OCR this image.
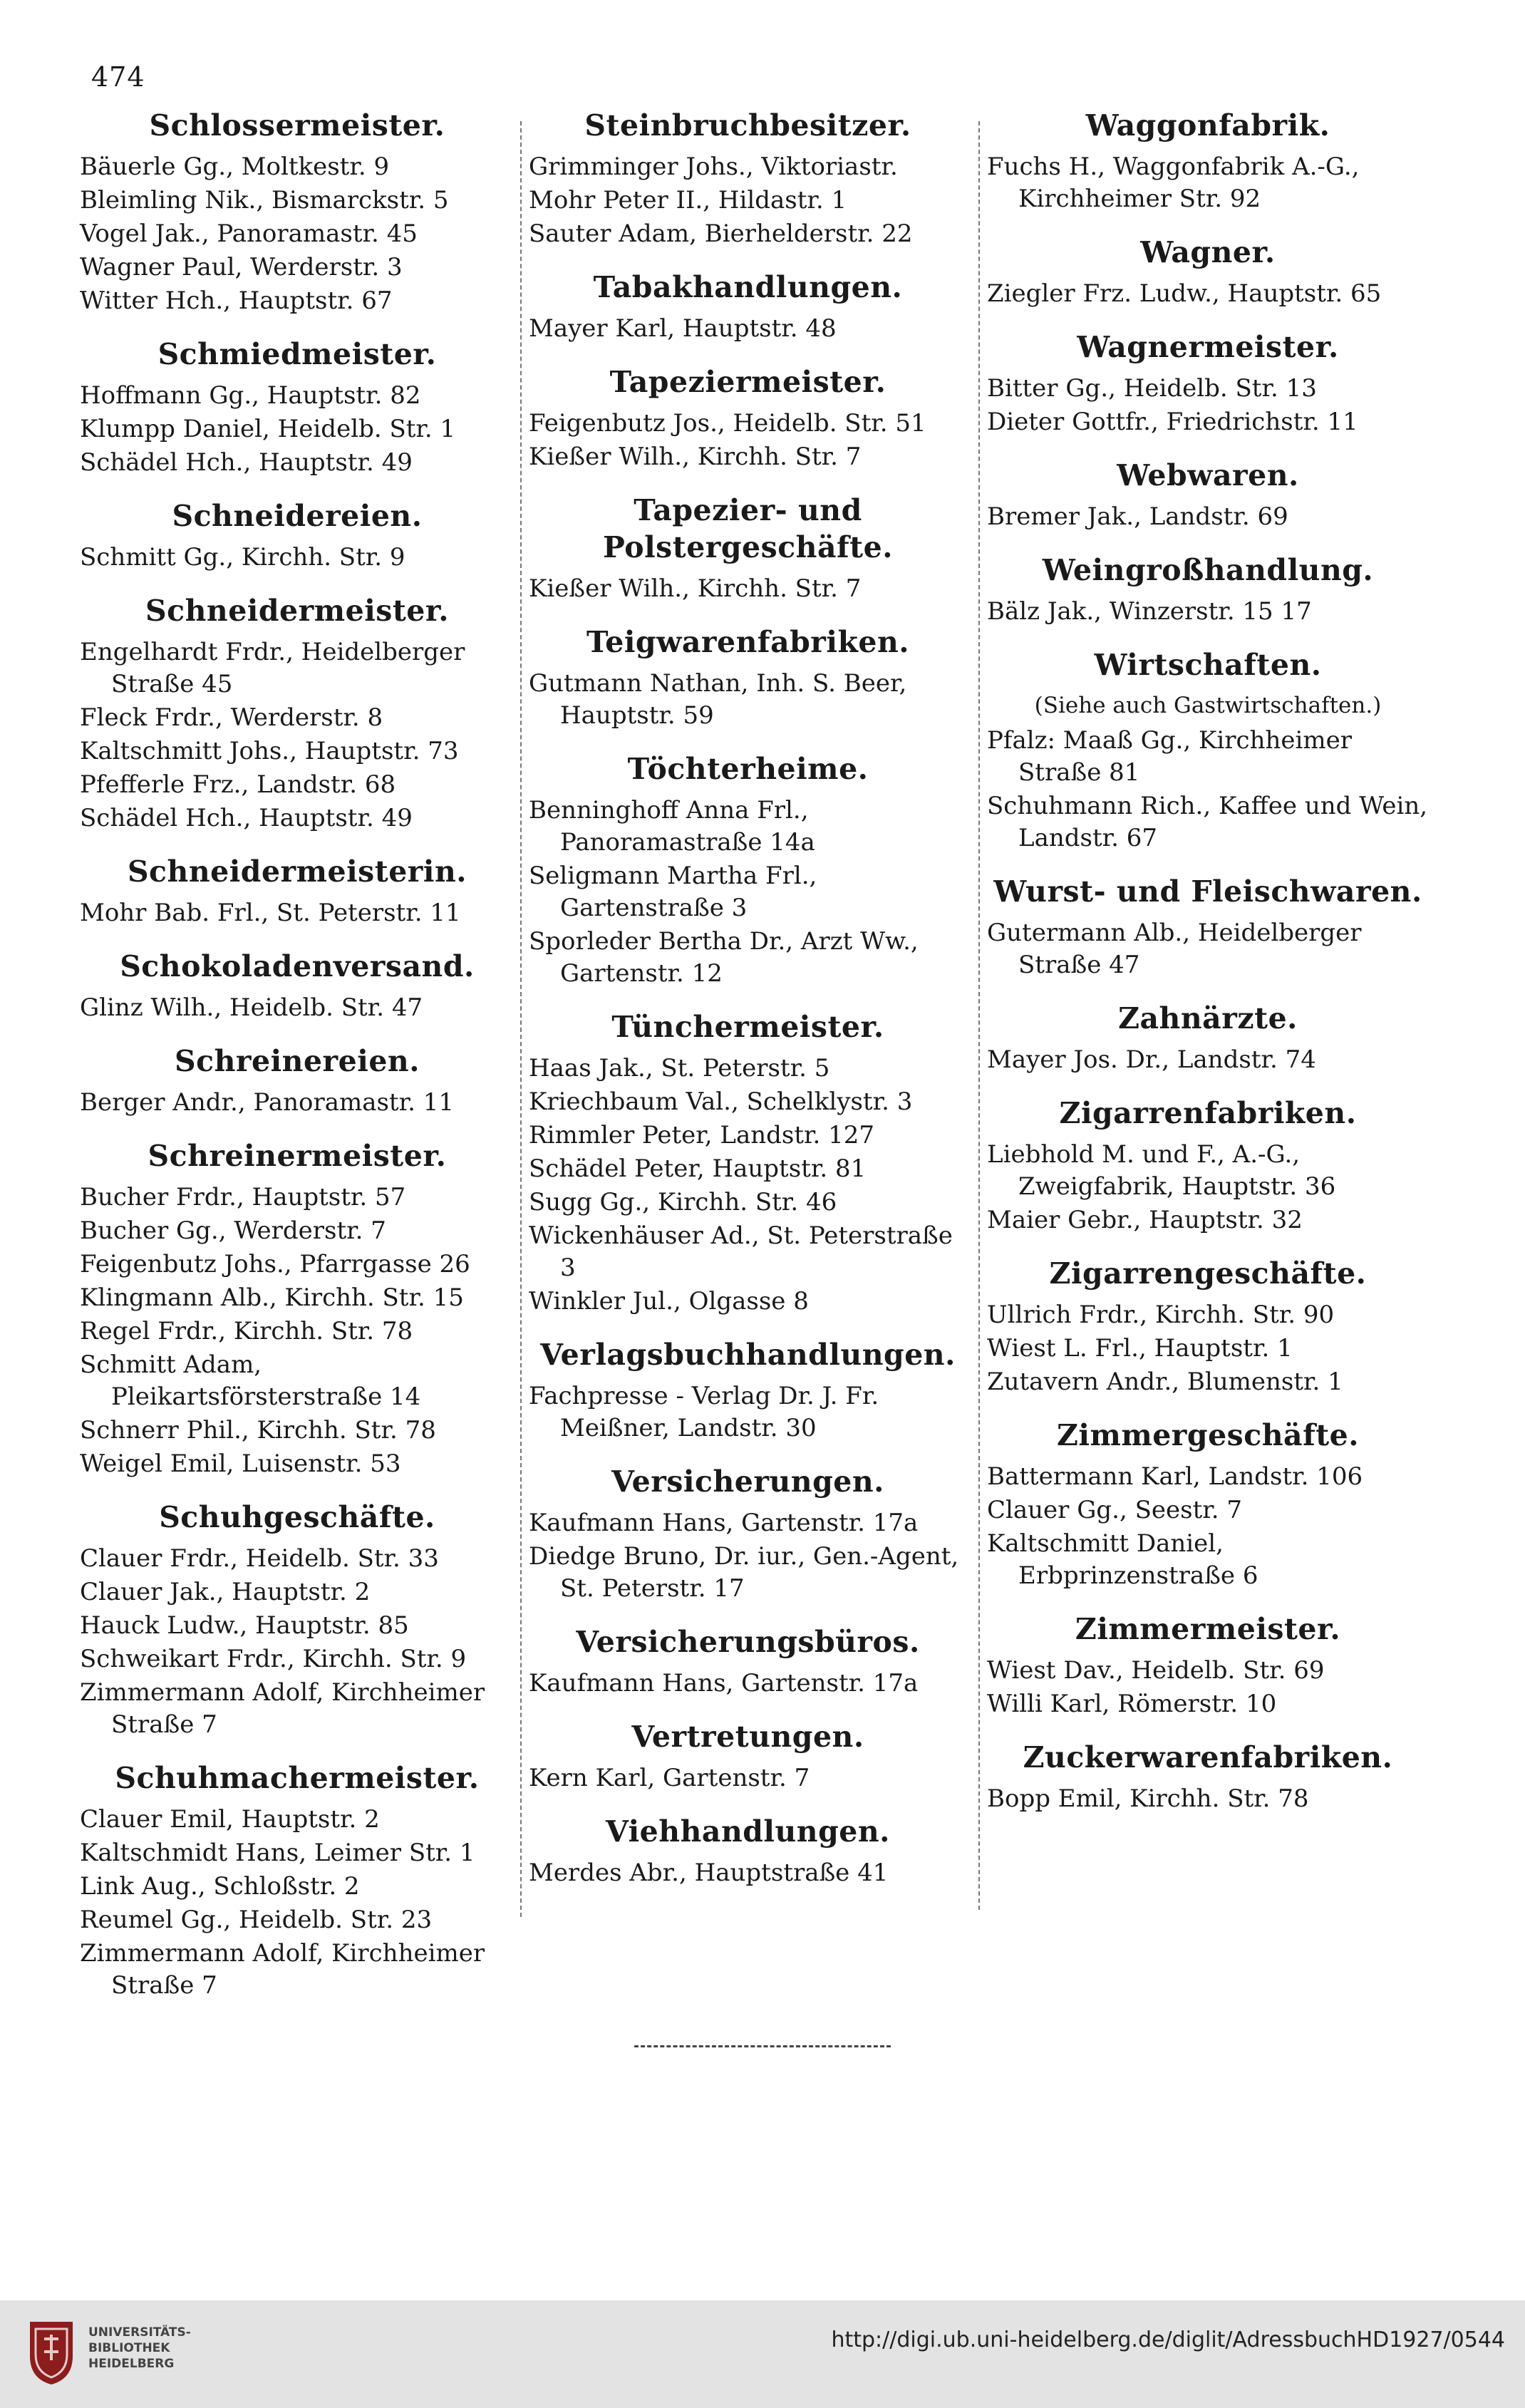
474
Schlossermeister.
Bäuerle Gg., Moltkestr. 9
Bleimling Nik., Bismarckstr. 5
Vogel Jak., Panoramastr. 45
Wagner Paul, Werderstr. 3
Witter Hch., Hauptstr. 67
Schmiedmeister.
Hoffmann Gg., Hauptstr. 82
Klumpp Daniel, Heidelb. Str. 1
Schädel Hch., Hauptstr. 49
Schneidereien.
Schmitt Gg., Kirchh. Str. 9
Schneidermeister.
Engelhardt Frdr., Heidelberger Straße 45
Fleck Frdr., Werderstr. 8
Kaltschmitt Johs., Hauptstr. 73
Pfefferle Frz., Landstr. 68
Schädel Hch., Hauptstr. 49
Schneidermeisterin.
Mohr Bab. Frl., St. Peterstr. 11
Schokoladenversand.
Glinz Wilh., Heidelb. Str. 47
Schreinereien.
Berger Andr., Panoramastr. 11
Schreinermeister.
Bucher Frdr., Hauptstr. 57
Bucher Gg., Werderstr. 7
Feigenbutz Johs., Pfarrgasse 26
Klingmann Alb., Kirchh. Str. 15
Regel Frdr., Kirchh. Str. 78
Schmitt Adam, Pleikartsförsterstraße 14
Schnerr Phil., Kirchh. Str. 78
Weigel Emil, Luisenstr. 53
Schuhgeschäfte.
Clauer Frdr., Heidelb. Str. 33
Clauer Jak., Hauptstr. 2
Hauck Ludw., Hauptstr. 85
Schweikart Frdr., Kirchh. Str. 9
Zimmermann Adolf, Kirchheimer Straße 7
Schuhmachermeister.
Clauer Emil, Hauptstr. 2
Kaltschmidt Hans, Leimer Str. 1
Link Aug., Schloßstr. 2
Reumel Gg., Heidelb. Str. 23
Zimmermann Adolf, Kirchheimer Straße 7
Steinbruchbesitzer.
Grimminger Johs., Viktoriastr.
Mohr Peter II., Hildastr. 1
Sauter Adam, Bierhelderstr. 22
Tabakhandlungen.
Mayer Karl, Hauptstr. 48
Tapeziermeister.
Feigenbutz Jos., Heidelb. Str. 51
Kießer Wilh., Kirchh. Str. 7
Tapezier- und Polstergeschäfte.
Kießer Wilh., Kirchh. Str. 7
Teigwarenfabriken.
Gutmann Nathan, Inh. S. Beer, Hauptstr. 59
Töchterheime.
Benninghoff Anna Frl., Panoramastraße 14a
Seligmann Martha Frl., Gartenstraße 3
Sporleder Bertha Dr., Arzt Ww., Gartenstr. 12
Tünchermeister.
Haas Jak., St. Peterstr. 5
Kriechbaum Val., Schelklystr. 3
Rimmler Peter, Landstr. 127
Schädel Peter, Hauptstr. 81
Sugg Gg., Kirchh. Str. 46
Wickenhäuser Ad., St. Peterstraße 3
Winkler Jul., Olgasse 8
Verlagsbuchhandlungen.
Fachpresse - Verlag Dr. J. Fr. Meißner, Landstr. 30
Versicherungen.
Kaufmann Hans, Gartenstr. 17a
Diedge Bruno, Dr. iur., Gen.-Agent, St. Peterstr. 17
Versicherungsbüros.
Kaufmann Hans, Gartenstr. 17a
Vertretungen.
Kern Karl, Gartenstr. 7
Viehhandlungen.
Merdes Abr., Hauptstraße 41
Waggonfabrik.
Fuchs H., Waggonfabrik A.-G., Kirchheimer Str. 92
Wagner.
Ziegler Frz. Ludw., Hauptstr. 65
Wagnermeister.
Bitter Gg., Heidelb. Str. 13
Dieter Gottfr., Friedrichstr. 11
Webwaren.
Bremer Jak., Landstr. 69
Weingroßhandlung.
Bälz Jak., Winzerstr. 15 17
Wirtschaften.
(Siehe auch Gastwirtschaften.)
Pfalz: Maaß Gg., Kirchheimer Straße 81
Schuhmann Rich., Kaffee und Wein, Landstr. 67
Wurst- und Fleischwaren.
Gutermann Alb., Heidelberger Straße 47
Zahnärzte.
Mayer Jos. Dr., Landstr. 74
Zigarrenfabriken.
Liebhold M. und F., A.-G., Zweigfabrik, Hauptstr. 36
Maier Gebr., Hauptstr. 32
Zigarrengeschäfte.
Ullrich Frdr., Kirchh. Str. 90
Wiest L. Frl., Hauptstr. 1
Zutavern Andr., Blumenstr. 1
Zimmergeschäfte.
Battermann Karl, Landstr. 106
Clauer Gg., Seestr. 7
Kaltschmitt Daniel, Erbprinzenstraße 6
Zimmermeister.
Wiest Dav., Heidelb. Str. 69
Willi Karl, Römerstr. 10
Zuckerwarenfabriken.
Bopp Emil, Kirchh. Str. 78
UNIVERSITÄTS-
BIBLIOTHEK
HEIDELBERG
http://digi.ub.uni-heidelberg.de/diglit/AdressbuchHD1927/0544
